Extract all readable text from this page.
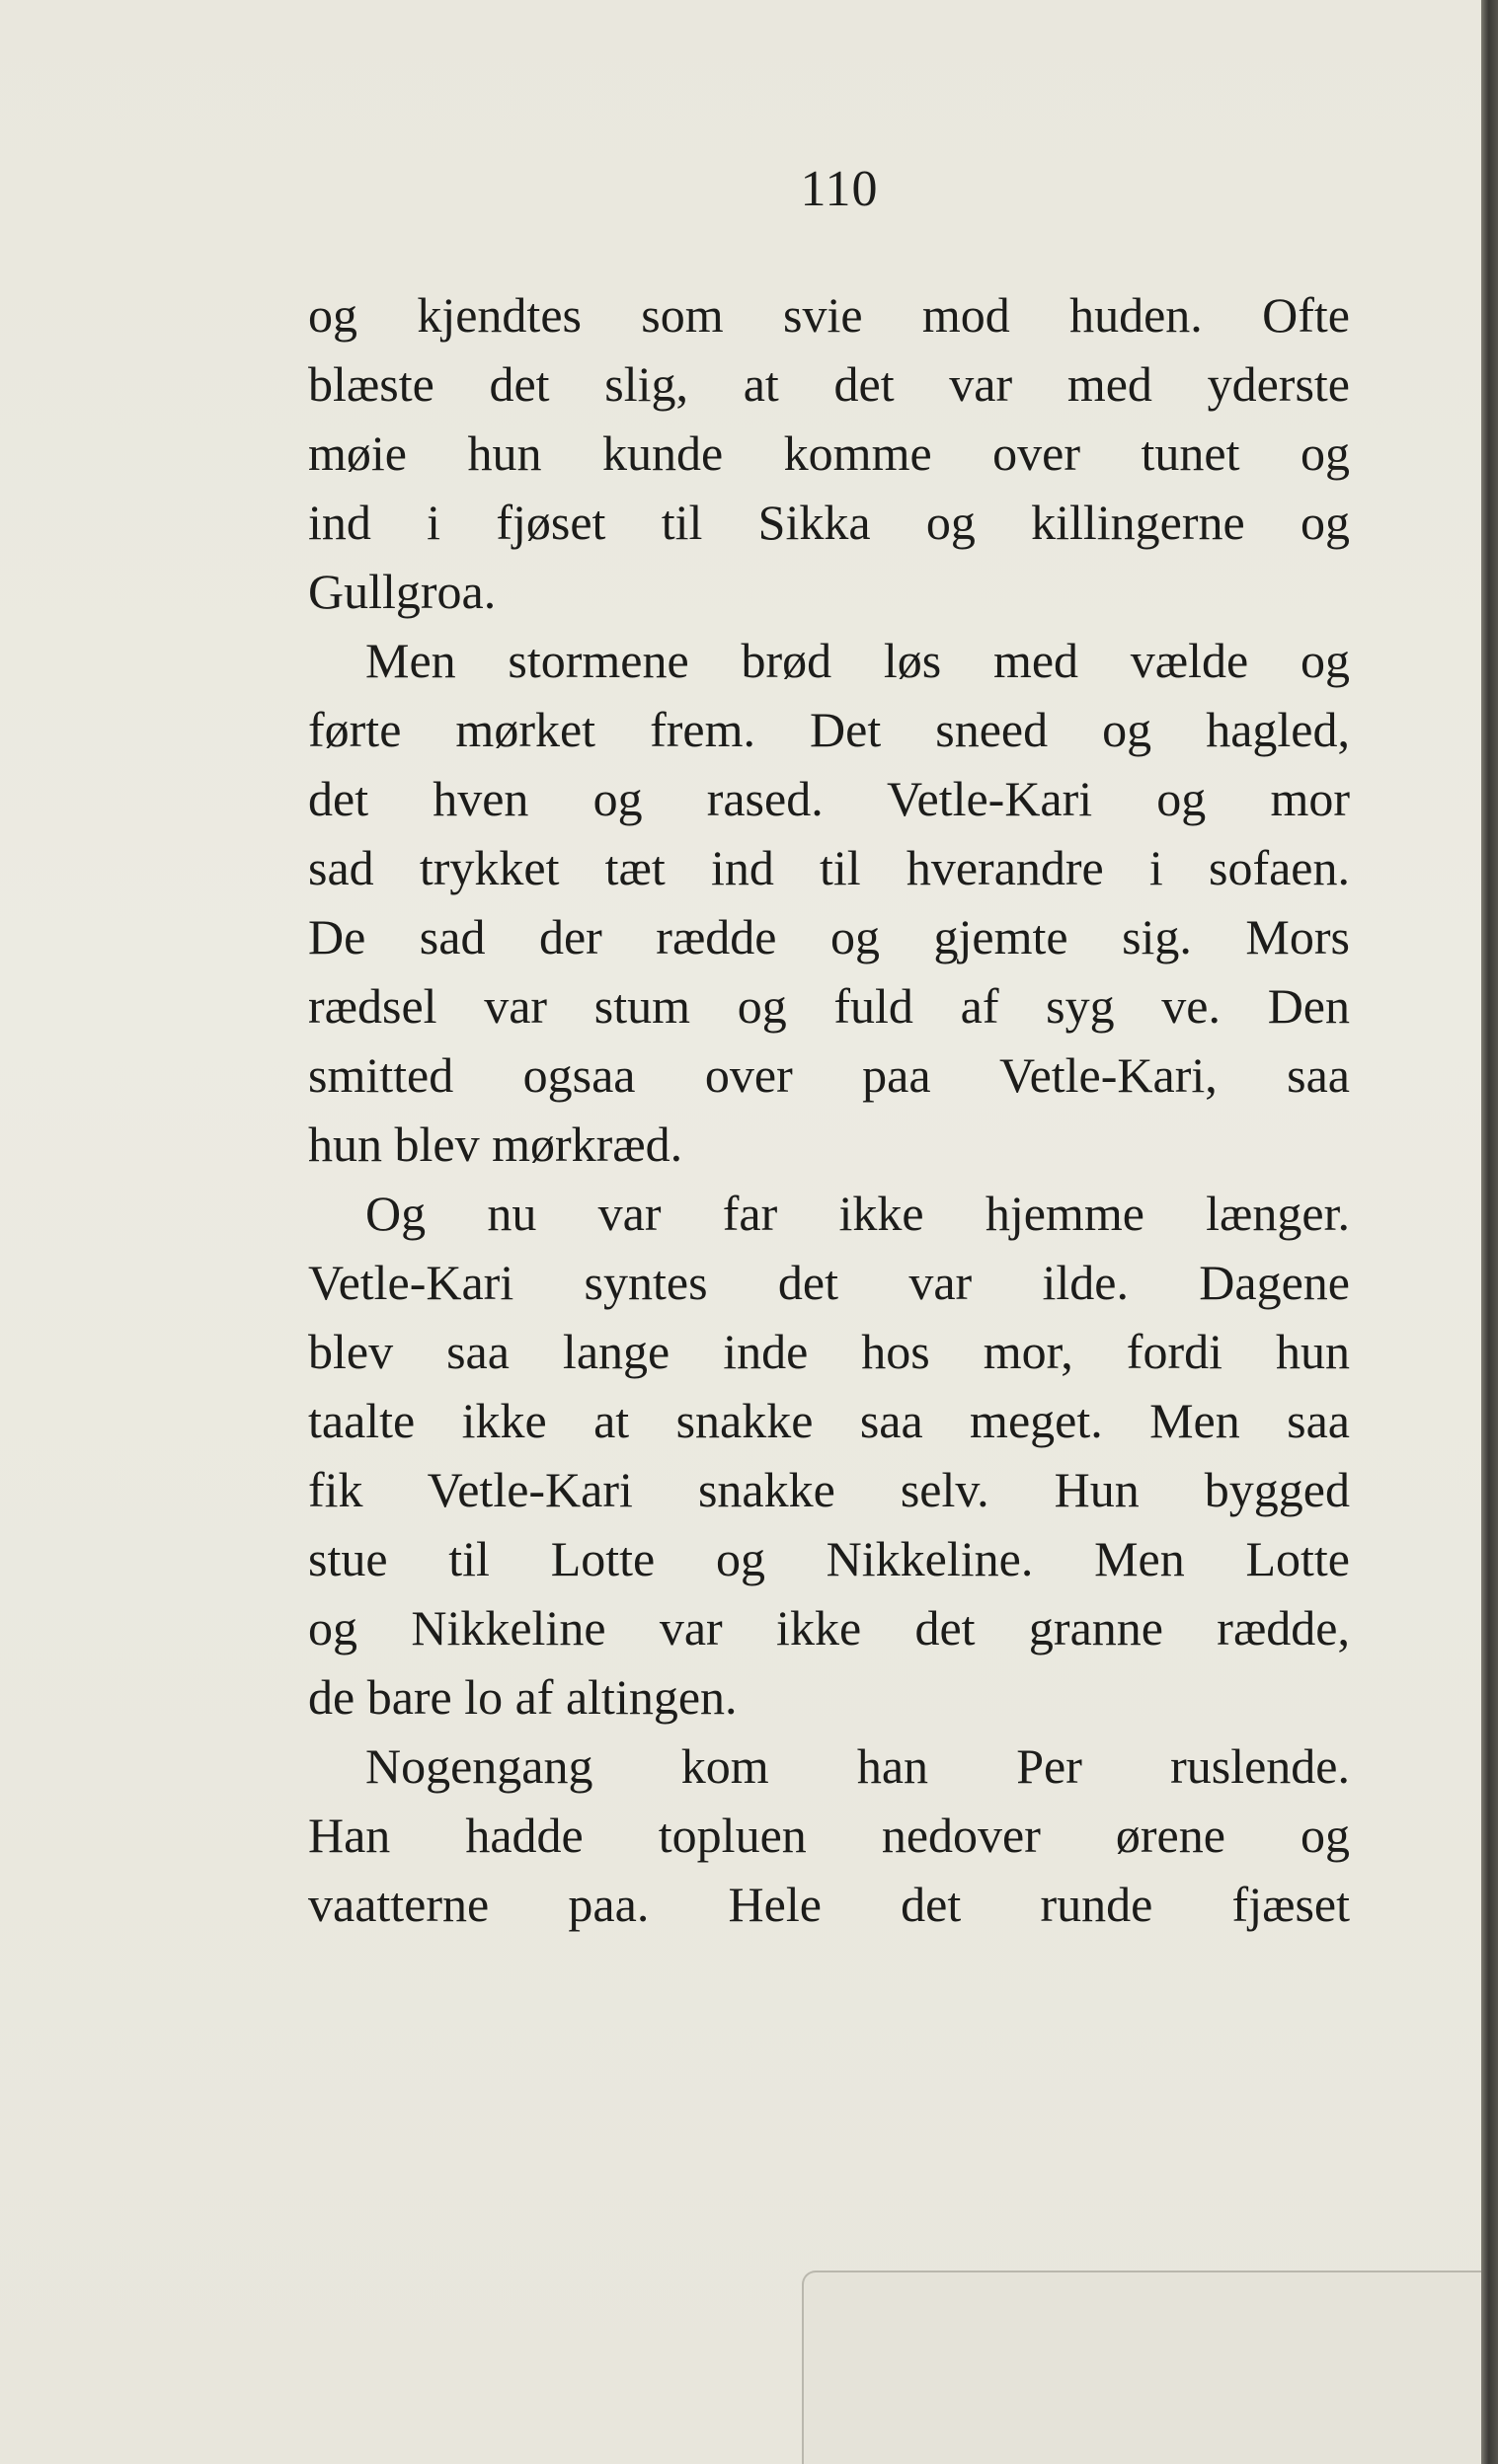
110
og kjendtes som svie mod huden. Ofte
blæste det slig, at det var med yderste
møie hun kunde komme over tunet og
ind i fjøset til Sikka og killingerne og
Gullgroa.
Men stormene brød løs med vælde og
førte mørket frem. Det sneed og hagled,
det hven og rased. Vetle-Kari og mor
sad trykket tæt ind til hverandre i sofaen.
De sad der rædde og gjemte sig. Mors
rædsel var stum og fuld af syg ve. Den
smitted ogsaa over paa Vetle-Kari, saa
hun blev mørkræd.
Og nu var far ikke hjemme længer.
Vetle-Kari syntes det var ilde. Dagene
blev saa lange inde hos mor, fordi hun
taalte ikke at snakke saa meget. Men saa
fik Vetle-Kari snakke selv. Hun bygged
stue til Lotte og Nikkeline. Men Lotte
og Nikkeline var ikke det granne rædde,
de bare lo af altingen.
Nogengang kom han Per ruslende.
Han hadde topluen nedover ørene og
vaatterne paa. Hele det runde fjæset
